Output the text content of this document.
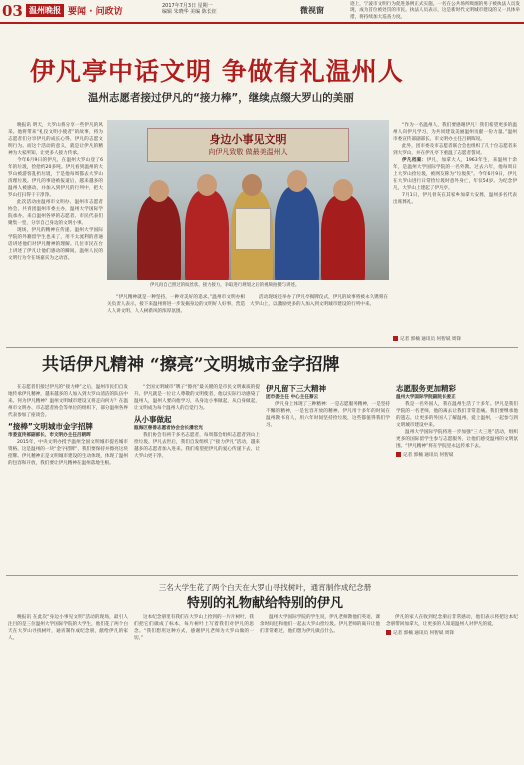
03 温州晚报 要闻 · 问政访
2017年7月3日 星期一
编辑 朱晓华 美编 陈长征	微视窗
迹上，宁波市文明行为促进条例正式实施。一名在公共场所吸烟的男子被执法人员发现，成为首位被处罚的市民。执法人员表示，这是新时代文明城市建设的又一具体举措，将持续加大巡查力度。
伊凡亭中话文明 争做有礼温州人
温州志愿者接过伊凡的“接力棒”，继续点缀大罗山的美丽

晚报讯 明天，大罗山将分享一些伊凡的风采。他将带来“礼仪文明小使者”的故事，将为志愿者们分享伊凡的成长心得、伊凡的志愿文明行为。而这个活动的意义，就是让伊凡的精神为大家所知，让更多人接力传承。

今年6月9日的伊凡，在温州大罗山登了6年的垃圾，捡拾约20多吨。伊凡看到温州的大罗山被游客乱扔垃圾，于是他每周都去大罗山清理垃圾。伊凡的事迹被报道后，越来越多的温州人被感动，并加入到伊凡的行列中，把大罗山打扫得干干净净。

此次活动由温州市文明办、温州市志愿者协会、共青团温州市委主办，温州大学国际学院承办。来自温州各界的志愿者、市民代表们聚集一堂，分享自己身边的文明小事。

现场，伊凡的精神在传递。温州大学国际学院的外籍留学生也来了，用不太流利的普通话讲述他们对伊凡精神的理解。几位市民在台上讲述了伊凡让他们感动的瞬间。温州人民的文明行为令在场嘉宾为之动容。

身边小事见文明
向伊凡致敬 做最美温州人
伊凡再自己照过的纹丝状、接力接力，争取进行规划之后的视频拍摄与讲述。

“伊凡精神就是一种坚持，一种对美好的追求。”温州市文明办相关负责人表示，接下来温州将进一步发掘身边的文明好人好事，营造人人讲文明、人人树新风的浓厚氛围。

活动现场还举办了伊凡亭揭牌仪式，伊凡的故事将被永久镌刻在大罗山上，以激励更多的人加入到文明城市建设的行列中来。

“作为一名温州人，我们要感谢伊凡！我们希望更多的温州人向伊凡学习，为共同建设美丽温州贡献一份力量。”温州市委宣传部副部长、市文明办主任吕朝晖说。

此外，团市委及市志愿者联合会也组织了几十位志愿者来到大罗山，并在伊凡亭下重温了志愿者誓词。

伊凡档案：伊凡，加拿大人，1963年生，来温州十余年，是温州大学国际学院的一名外教。过去六年，他每周日上大罗山捡垃圾，被网友称为“垃圾侠”。今年6月9日，伊凡在大罗山进行日常捡垃圾时意外身亡，年仅54岁。为纪念伊凡，大罗山上建起了伊凡亭。

7月1日，伊凡骨灰在其家乡加拿大安葬，温州多名代表出席葬礼。

记者 郭楠 通讯员 何智斌 周锋
共话伊凡精神 “擦亮”文明城市金字招牌

在志愿者们接过伊凡的“接力棒”之后，温州市民们自发地传承伊凡精神，越来越多的人加入到大罗山清洁的队伍中来。何为伊凡精神？温州文明城市建设又将走向何方？在温州市文明办、市志愿者协会等单位的组织下，部分温州各界代表参加了座谈会。

“接棒”文明城市金字招牌
市委宣传部副部长、市文明办主任吕朝晖

2015年，中央文明办授予温州全国文明城市提名城市资格。这是温州的一块“金字招牌”，我们要保持并擦亮这块招牌。伊凡精神正是文明城市建设的生动体现，体现了温州的包容和开放，我们要让伊凡精神在温州落地生根。

“全国文明城市”牌子“擦亮”最关键的是市民文明素质的提升。伊凡就是一位让人尊敬的文明使者，他以实际行动感染了温州人，温州人要向他学习，从身边小事做起，从自身做起，让文明成为每个温州人的自觉行为。

从小事做起
瓯海区慈善志愿者协会会长潘宏光

我们协会有两千多名志愿者，每周都会组织志愿者到山上捡垃圾。伊凡去世后，我们自发组织了“接力伊凡”活动，越来越多的志愿者加入进来。我们希望把伊凡的爱心传递下去，让大罗山更干净。

伊凡留下三大精神
团市委主任 中心主任蔡云

伊凡身上体现了三种精神：一是志愿服务精神，一是坚持不懈的精神，一是包容开放的精神。伊凡用十多年的时间在温州教书育人，用六年时间坚持捡垃圾，这些都值得我们学习。

志愿服务更加精彩
温州大学国际学院副院长姜正

我是一名外国人，我在温州生活了十多年。伊凡是我们学院的一名老师，他的离去让我们非常悲痛。我们要继承他的遗志，让更多的外国人了解温州、爱上温州，一起参与到文明城市建设中来。

温州大学国际学院将进一步加强“三大三进”活动，组织更多的国际留学生参与志愿服务，让他们感受温州的文明氛围。“伊凡精神”将在学院里永远传承下去。

记者 郭楠 通讯员 何智斌
三名大学生花了两个白天在大罗山寻找树叶，通宵制作成纪念册
特别的礼物献给特别的伊凡

晚报讯 在此次“身边小事见文明”活动的现场，最引人注目的是三位温州大学国际学院的大学生，他们花了两个白天在大罗山寻找树叶，通宵制作成纪念册，献给伊凡的家人。

这本纪念册里有我们在大罗山上捡到的一片片树叶，我们把它们做成了标本，每片树叶上写着我们对伊凡的思念。“我们想用这种方式，感谢伊凡老师为大罗山做的一切。”

温州大学国际学院的学生说，伊凡老师教他们英语，课余时间还和他们一起去大罗山捡垃圾。伊凡老师的离开让他们非常难过，他们想为伊凡做点什么。

伊凡的家人在收到纪念册后非常感动，他们表示将把这本纪念册带回加拿大，让更多的人知道温州人对伊凡的爱。

记者 郭楠 通讯员 何智斌 周锋
